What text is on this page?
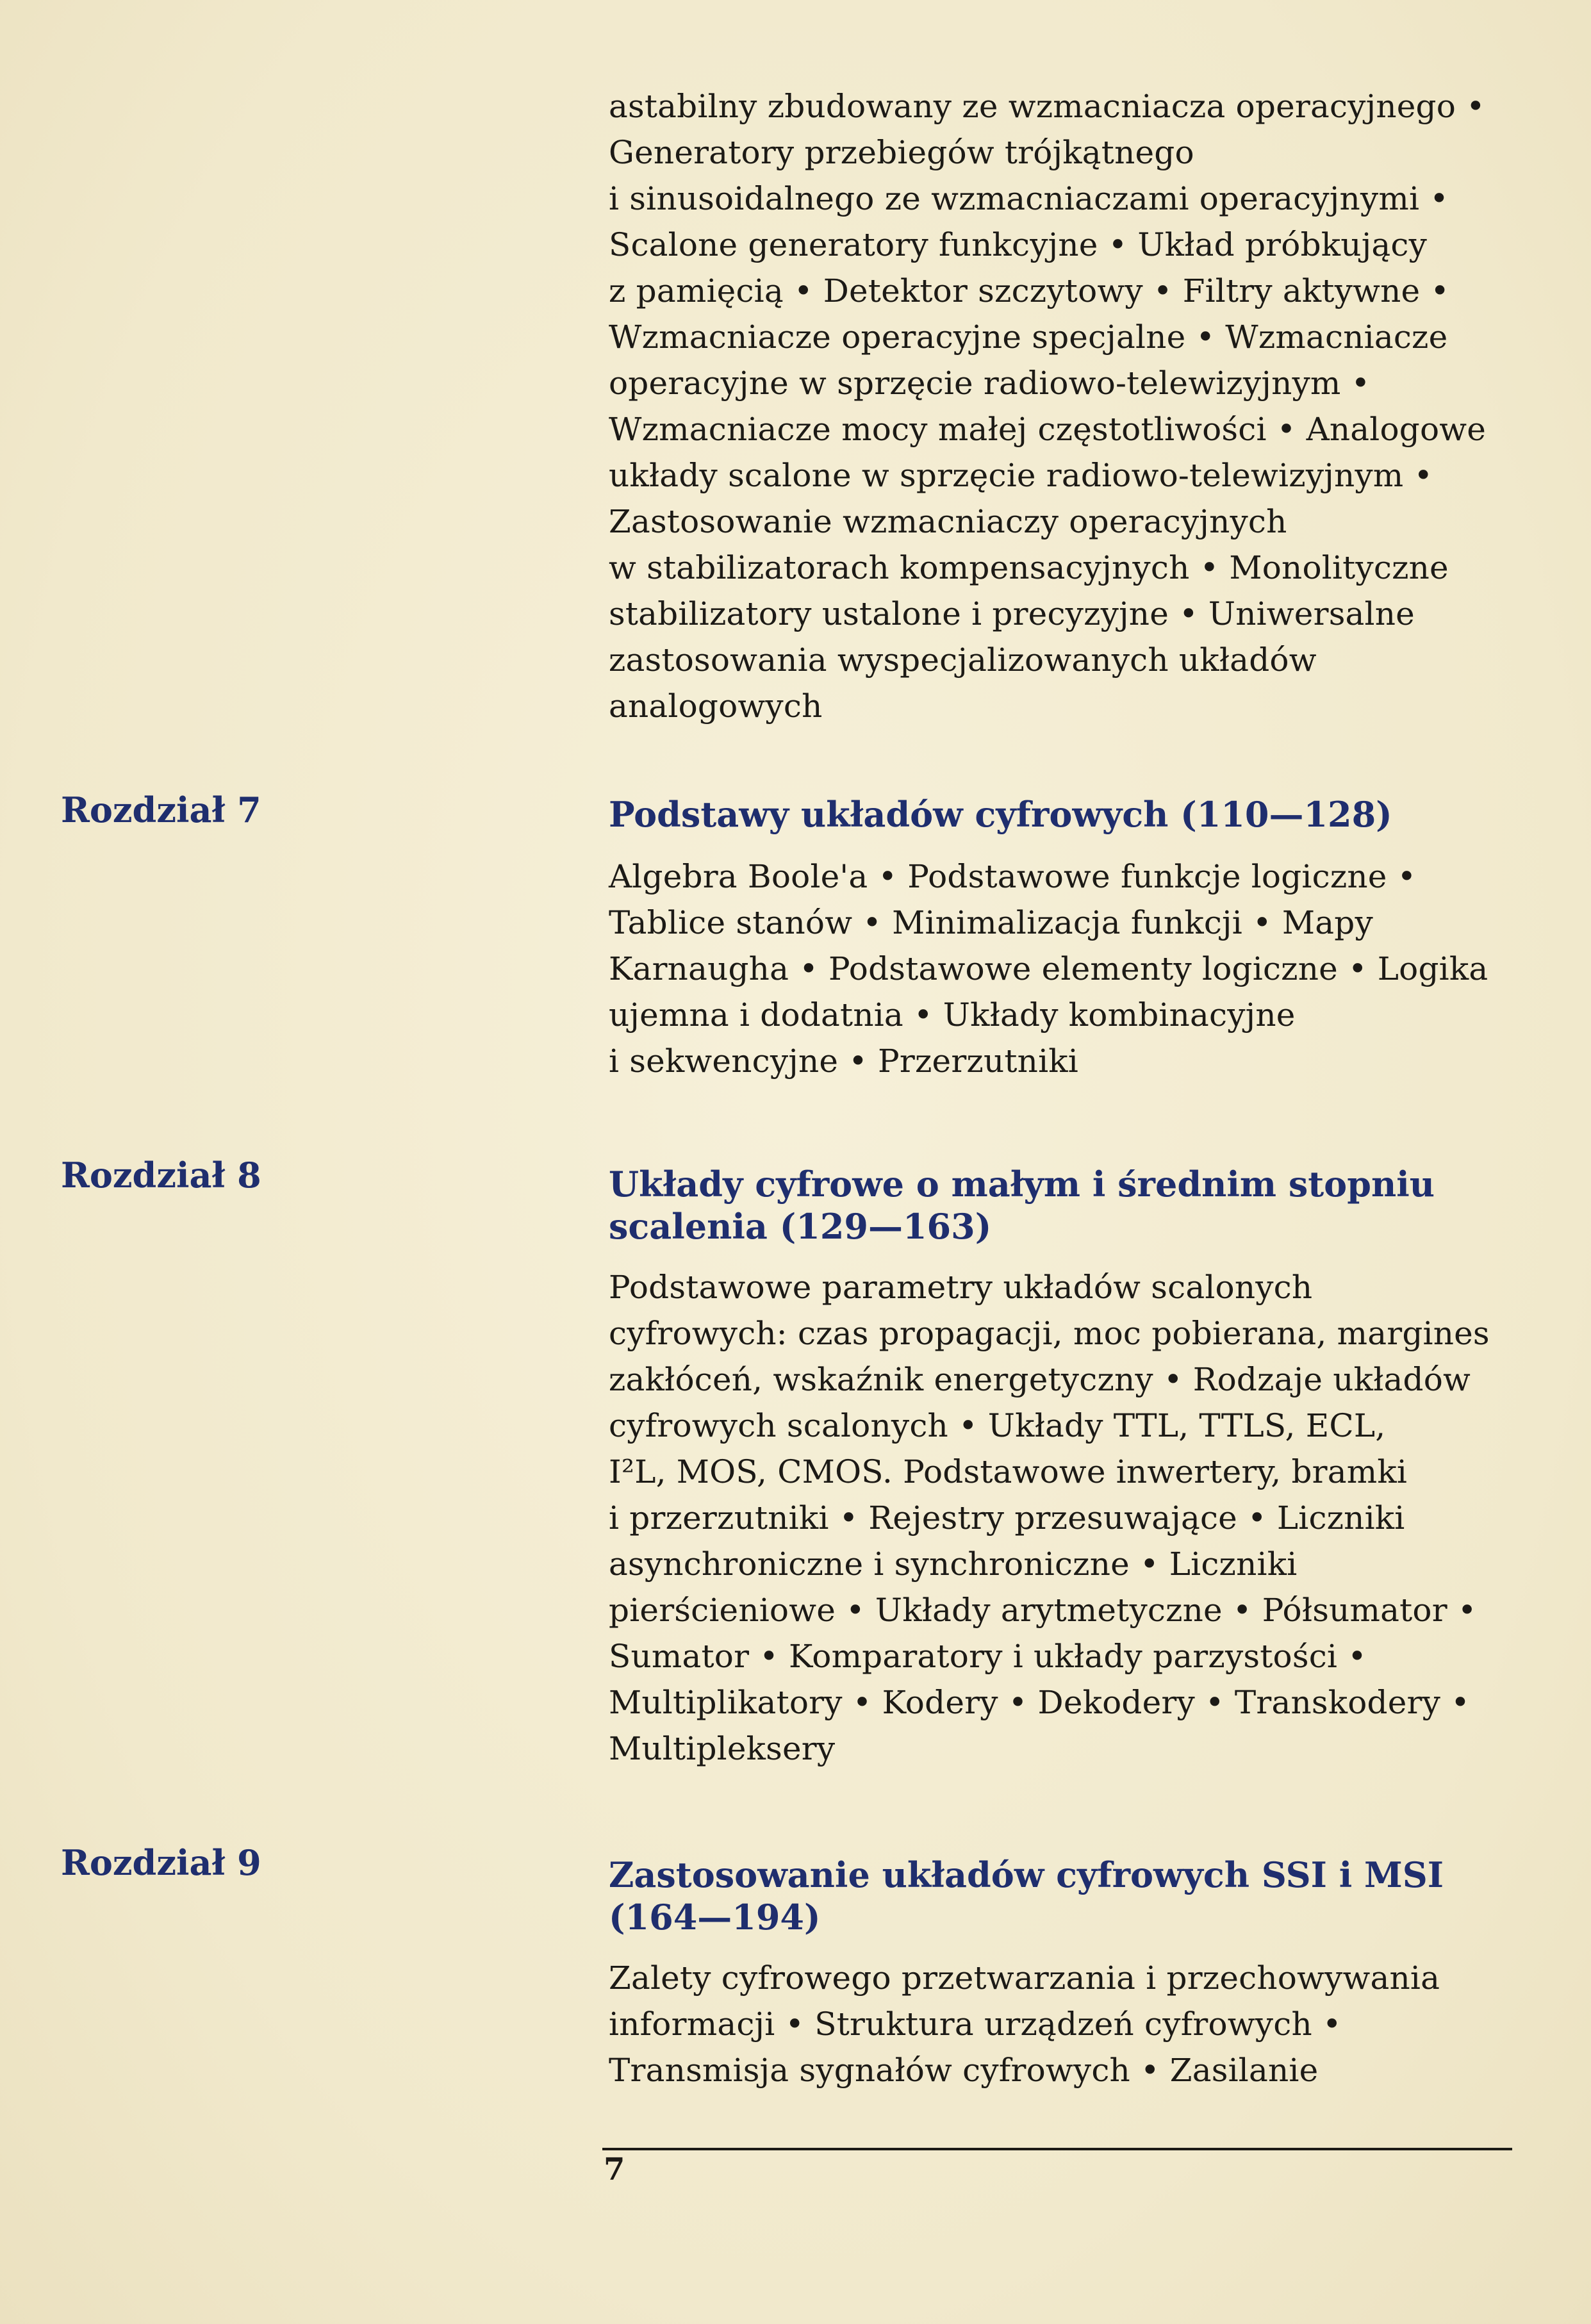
astabilny zbudowany ze wzmacniacza operacyjnego •
Generatory przebiegów trójkątnego
i sinusoidalnego ze wzmacniaczami operacyjnymi •
Scalone generatory funkcyjne • Układ próbkujący
z pamięcią • Detektor szczytowy • Filtry aktywne •
Wzmacniacze operacyjne specjalne • Wzmacniacze
operacyjne w sprzęcie radiowo-telewizyjnym •
Wzmacniacze mocy małej częstotliwości • Analogowe
układy scalone w sprzęcie radiowo-telewizyjnym •
Zastosowanie wzmacniaczy operacyjnych
w stabilizatorach kompensacyjnych • Monolityczne
stabilizatory ustalone i precyzyjne • Uniwersalne
zastosowania wyspecjalizowanych układów
analogowych

Rozdział 7	Podstawy układów cyfrowych (110—128)

Algebra Boole'a • Podstawowe funkcje logiczne •
Tablice stanów • Minimalizacja funkcji • Mapy
Karnaugha • Podstawowe elementy logiczne • Logika
ujemna i dodatnia • Układy kombinacyjne
i sekwencyjne • Przerzutniki

Rozdział 8	Układy cyfrowe o małym i średnim stopniu
scalenia (129—163)

Podstawowe parametry układów scalonych
cyfrowych: czas propagacji, moc pobierana, margines
zakłóceń, wskaźnik energetyczny • Rodzaje układów
cyfrowych scalonych • Układy TTL, TTLS, ECL,
I²L, MOS, CMOS. Podstawowe inwertery, bramki
i przerzutniki • Rejestry przesuwające • Liczniki
asynchroniczne i synchroniczne • Liczniki
pierścieniowe • Układy arytmetyczne • Półsumator •
Sumator • Komparatory i układy parzystości •
Multiplikatory • Kodery • Dekodery • Transkodery •
Multipleksery

Rozdział 9	Zastosowanie układów cyfrowych SSI i MSI
(164—194)

Zalety cyfrowego przetwarzania i przechowywania
informacji • Struktura urządzeń cyfrowych •
Transmisja sygnałów cyfrowych • Zasilanie

7
